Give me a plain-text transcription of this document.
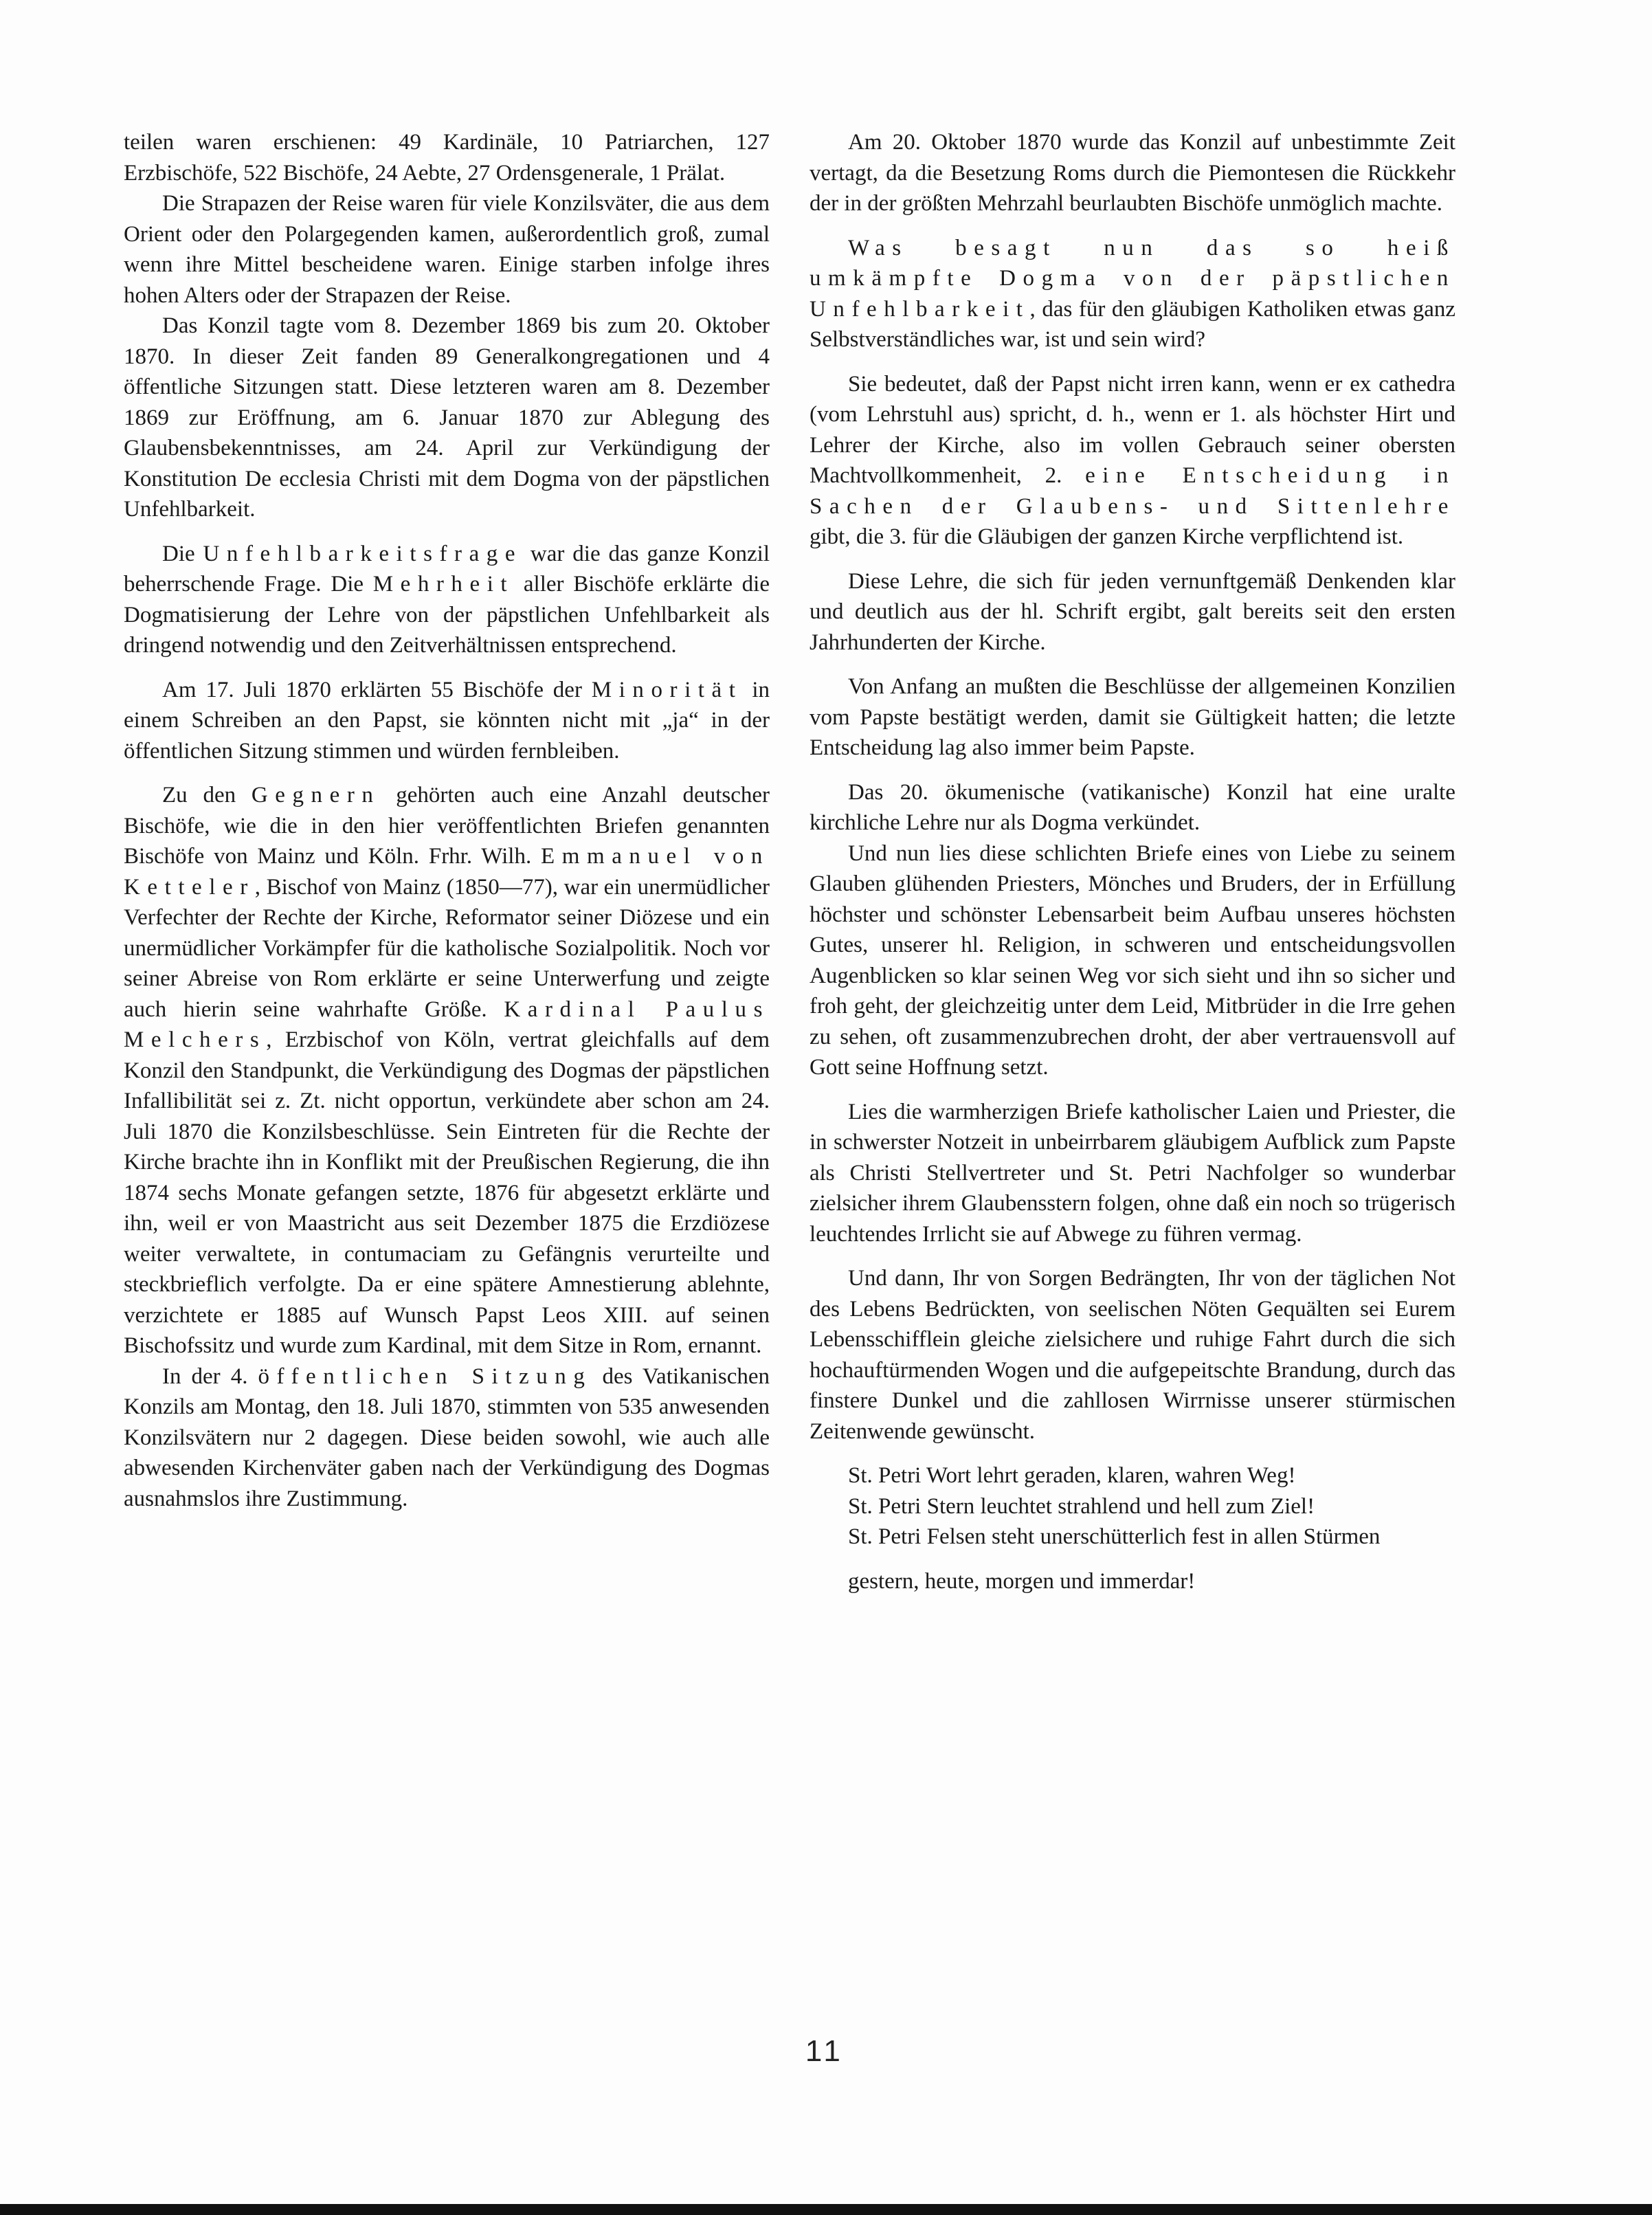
teilen waren erschienen: 49 Kardinäle, 10 Patriarchen, 127 Erzbischöfe, 522 Bischöfe, 24 Aebte, 27 Ordensgenerale, 1 Prälat.

Die Strapazen der Reise waren für viele Konzilsväter, die aus dem Orient oder den Polargegenden kamen, außerordentlich groß, zumal wenn ihre Mittel bescheidene waren. Einige starben infolge ihres hohen Alters oder der Strapazen der Reise.

Das Konzil tagte vom 8. Dezember 1869 bis zum 20. Oktober 1870. In dieser Zeit fanden 89 Generalkongregationen und 4 öffentliche Sitzungen statt. Diese letzteren waren am 8. Dezember 1869 zur Eröffnung, am 6. Januar 1870 zur Ablegung des Glaubensbekenntnisses, am 24. April zur Verkündigung der Konstitution De ecclesia Christi mit dem Dogma von der päpstlichen Unfehlbarkeit.

Die Unfehlbarkeitsfrage war die das ganze Konzil beherrschende Frage. Die Mehrheit aller Bischöfe erklärte die Dogmatisierung der Lehre von der päpstlichen Unfehlbarkeit als dringend notwendig und den Zeitverhältnissen entsprechend.

Am 17. Juli 1870 erklärten 55 Bischöfe der Minorität in einem Schreiben an den Papst, sie könnten nicht mit „ja“ in der öffentlichen Sitzung stimmen und würden fernbleiben.

Zu den Gegnern gehörten auch eine Anzahl deutscher Bischöfe, wie die in den hier veröffentlichten Briefen genannten Bischöfe von Mainz und Köln. Frhr. Wilh. Emmanuel von Ketteler, Bischof von Mainz (1850—77), war ein unermüdlicher Verfechter der Rechte der Kirche, Reformator seiner Diözese und ein unermüdlicher Vorkämpfer für die katholische Sozialpolitik. Noch vor seiner Abreise von Rom erklärte er seine Unterwerfung und zeigte auch hierin seine wahrhafte Größe. Kardinal Paulus Melchers, Erzbischof von Köln, vertrat gleichfalls auf dem Konzil den Standpunkt, die Verkündigung des Dogmas der päpstlichen Infallibilität sei z. Zt. nicht opportun, verkündete aber schon am 24. Juli 1870 die Konzilsbeschlüsse. Sein Eintreten für die Rechte der Kirche brachte ihn in Konflikt mit der Preußischen Regierung, die ihn 1874 sechs Monate gefangen setzte, 1876 für abgesetzt erklärte und ihn, weil er von Maastricht aus seit Dezember 1875 die Erzdiözese weiter verwaltete, in contumaciam zu Gefängnis verurteilte und steckbrieflich verfolgte. Da er eine spätere Amnestierung ablehnte, verzichtete er 1885 auf Wunsch Papst Leos XIII. auf seinen Bischofssitz und wurde zum Kardinal, mit dem Sitze in Rom, ernannt.

In der 4. öffentlichen Sitzung des Vatikanischen Konzils am Montag, den 18. Juli 1870, stimmten von 535 anwesenden Konzilsvätern nur 2 dagegen. Diese beiden sowohl, wie auch alle abwesenden Kirchenväter gaben nach der Verkündigung des Dogmas ausnahmslos ihre Zustimmung.

Am 20. Oktober 1870 wurde das Konzil auf unbestimmte Zeit vertagt, da die Besetzung Roms durch die Piemontesen die Rückkehr der in der größten Mehrzahl beurlaubten Bischöfe unmöglich machte.

Was besagt nun das so heiß umkämpfte Dogma von der päpstlichen Unfehlbarkeit, das für den gläubigen Katholiken etwas ganz Selbstverständliches war, ist und sein wird?

Sie bedeutet, daß der Papst nicht irren kann, wenn er ex cathedra (vom Lehrstuhl aus) spricht, d. h., wenn er 1. als höchster Hirt und Lehrer der Kirche, also im vollen Gebrauch seiner obersten Machtvollkommenheit, 2. eine Entscheidung in Sachen der Glaubens- und Sittenlehre gibt, die 3. für die Gläubigen der ganzen Kirche verpflichtend ist.

Diese Lehre, die sich für jeden vernunftgemäß Denkenden klar und deutlich aus der hl. Schrift ergibt, galt bereits seit den ersten Jahrhunderten der Kirche.

Von Anfang an mußten die Beschlüsse der allgemeinen Konzilien vom Papste bestätigt werden, damit sie Gültigkeit hatten; die letzte Entscheidung lag also immer beim Papste.

Das 20. ökumenische (vatikanische) Konzil hat eine uralte kirchliche Lehre nur als Dogma verkündet.

Und nun lies diese schlichten Briefe eines von Liebe zu seinem Glauben glühenden Priesters, Mönches und Bruders, der in Erfüllung höchster und schönster Lebensarbeit beim Aufbau unseres höchsten Gutes, unserer hl. Religion, in schweren und entscheidungsvollen Augenblicken so klar seinen Weg vor sich sieht und ihn so sicher und froh geht, der gleichzeitig unter dem Leid, Mitbrüder in die Irre gehen zu sehen, oft zusammenzubrechen droht, der aber vertrauensvoll auf Gott seine Hoffnung setzt.

Lies die warmherzigen Briefe katholischer Laien und Priester, die in schwerster Notzeit in unbeirrbarem gläubigem Aufblick zum Papste als Christi Stellvertreter und St. Petri Nachfolger so wunderbar zielsicher ihrem Glaubensstern folgen, ohne daß ein noch so trügerisch leuchtendes Irrlicht sie auf Abwege zu führen vermag.

Und dann, Ihr von Sorgen Bedrängten, Ihr von der täglichen Not des Lebens Bedrückten, von seelischen Nöten Gequälten sei Eurem Lebensschifflein gleiche zielsichere und ruhige Fahrt durch die sich hochauftürmenden Wogen und die aufgepeitschte Brandung, durch das finstere Dunkel und die zahllosen Wirrnisse unserer stürmischen Zeitenwende gewünscht.

St. Petri Wort lehrt geraden, klaren, wahren Weg!

St. Petri Stern leuchtet strahlend und hell zum Ziel!

St. Petri Felsen steht unerschütterlich fest in allen Stürmen

gestern, heute, morgen und immerdar!

11
